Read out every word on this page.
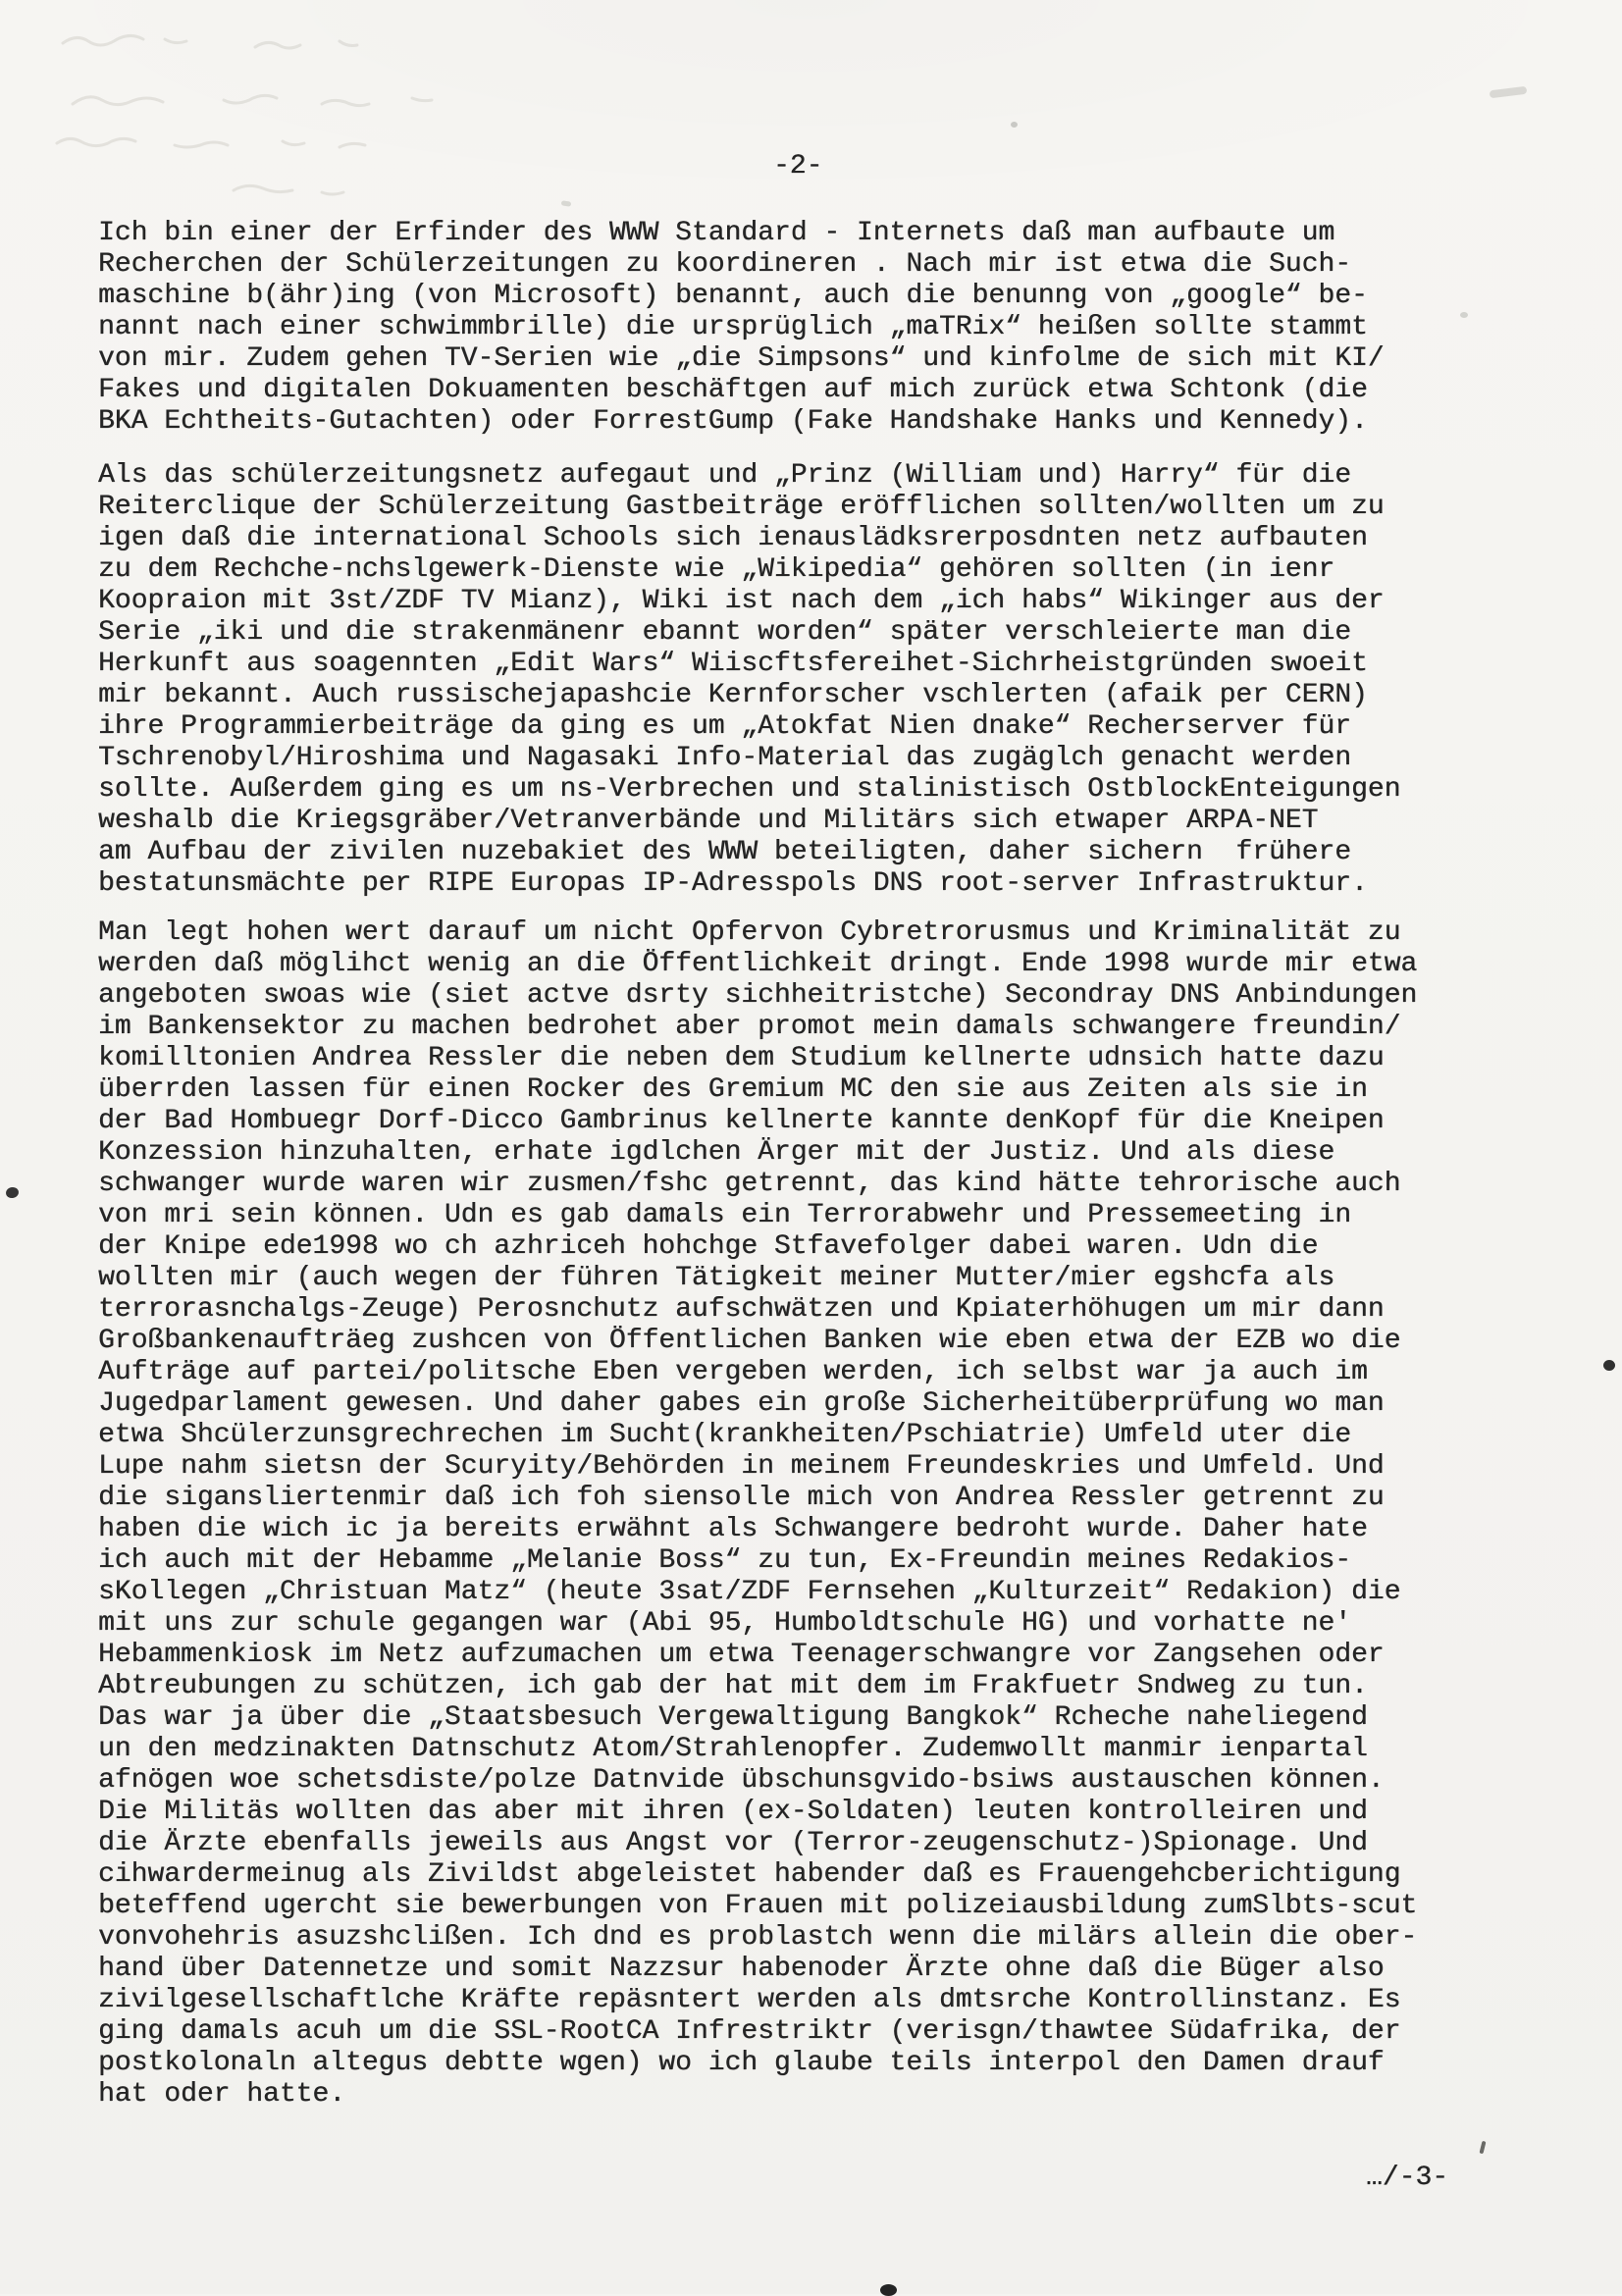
-2-
Ich bin einer der Erfinder des WWW Standard - Internets daß man aufbaute um
Recherchen der Schülerzeitungen zu koordineren . Nach mir ist etwa die Such-
maschine b(ähr)ing (von Microsoft) benannt, auch die benunng von „google“ be-
nannt nach einer schwimmbrille) die ursprüglich „maTRix“ heißen sollte stammt
von mir. Zudem gehen TV-Serien wie „die Simpsons“ und kinfolme de sich mit KI/
Fakes und digitalen Dokuamenten beschäftgen auf mich zurück etwa Schtonk (die
BKA Echtheits-Gutachten) oder ForrestGump (Fake Handshake Hanks und Kennedy).
Als das schülerzeitungsnetz aufegaut und „Prinz (William und) Harry“ für die
Reiterclique der Schülerzeitung Gastbeiträge eröfflichen sollten/wollten um zu
igen daß die international Schools sich ienauslädksrerposdnten netz aufbauten
zu dem Rechche-nchslgewerk-Dienste wie „Wikipedia“ gehören sollten (in ienr
Koopraion mit 3st/ZDF TV Mianz), Wiki ist nach dem „ich habs“ Wikinger aus der
Serie „iki und die strakenmänenr ebannt worden“ später verschleierte man die
Herkunft aus soagennten „Edit Wars“ Wiiscftsfereihet-Sichrheistgründen swoeit
mir bekannt. Auch russischejapashcie Kernforscher vschlerten (afaik per CERN)
ihre Programmierbeiträge da ging es um „Atokfat Nien dnake“ Recherserver für
Tschrenobyl/Hiroshima und Nagasaki Info-Material das zugäglch genacht werden
sollte. Außerdem ging es um ns-Verbrechen und stalinistisch OstblockEnteigungen
weshalb die Kriegsgräber/Vetranverbände und Militärs sich etwaper ARPA-NET
am Aufbau der zivilen nuzebakiet des WWW beteiligten, daher sichern  frühere
bestatunsmächte per RIPE Europas IP-Adresspols DNS root-server Infrastruktur.
Man legt hohen wert darauf um nicht Opfervon Cybretrorusmus und Kriminalität zu
werden daß möglihct wenig an die Öffentlichkeit dringt. Ende 1998 wurde mir etwa
angeboten swoas wie (siet actve dsrty sichheitristche) Secondray DNS Anbindungen
im Bankensektor zu machen bedrohet aber promot mein damals schwangere freundin/
komilltonien Andrea Ressler die neben dem Studium kellnerte udnsich hatte dazu
überrden lassen für einen Rocker des Gremium MC den sie aus Zeiten als sie in
der Bad Hombuegr Dorf-Dicco Gambrinus kellnerte kannte denKopf für die Kneipen
Konzession hinzuhalten, erhate igdlchen Ärger mit der Justiz. Und als diese
schwanger wurde waren wir zusmen/fshc getrennt, das kind hätte tehrorische auch
von mri sein können. Udn es gab damals ein Terrorabwehr und Pressemeeting in
der Knipe ede1998 wo ch azhriceh hohchge Stfavefolger dabei waren. Udn die
wollten mir (auch wegen der führen Tätigkeit meiner Mutter/mier egshcfa als
terrorasnchalgs-Zeuge) Perosnchutz aufschwätzen und Kpiaterhöhugen um mir dann
Großbankenaufträeg zushcen von Öffentlichen Banken wie eben etwa der EZB wo die
Aufträge auf partei/politsche Eben vergeben werden, ich selbst war ja auch im
Jugedparlament gewesen. Und daher gabes ein große Sicherheitüberprüfung wo man
etwa Shcülerzunsgrechrechen im Sucht(krankheiten/Pschiatrie) Umfeld uter die
Lupe nahm sietsn der Scuryity/Behörden in meinem Freundeskries und Umfeld. Und
die sigansliertenmir daß ich foh siensolle mich von Andrea Ressler getrennt zu
haben die wich ic ja bereits erwähnt als Schwangere bedroht wurde. Daher hate
ich auch mit der Hebamme „Melanie Boss“ zu tun, Ex-Freundin meines Redakios-
sKollegen „Christuan Matz“ (heute 3sat/ZDF Fernsehen „Kulturzeit“ Redakion) die
mit uns zur schule gegangen war (Abi 95, Humboldtschule HG) und vorhatte ne'
Hebammenkiosk im Netz aufzumachen um etwa Teenagerschwangre vor Zangsehen oder
Abtreubungen zu schützen, ich gab der hat mit dem im Frakfuetr Sndweg zu tun.
Das war ja über die „Staatsbesuch Vergewaltigung Bangkok“ Rcheche naheliegend
un den medzinakten Datnschutz Atom/Strahlenopfer. Zudemwollt manmir ienpartal
afnögen woe schetsdiste/polze Datnvide übschunsgvido-bsiws austauschen können.
Die Militäs wollten das aber mit ihren (ex-Soldaten) leuten kontrolleiren und
die Ärzte ebenfalls jeweils aus Angst vor (Terror-zeugenschutz-)Spionage. Und
cihwardermeinug als Zivildst abgeleistet habender daß es Frauengehcberichtigung
beteffend ugercht sie bewerbungen von Frauen mit polizeiausbildung zumSlbts-scut
vonvohehris asuzshclißen. Ich dnd es problastch wenn die milärs allein die ober-
hand über Datennetze und somit Nazzsur habenoder Ärzte ohne daß die Büger also
zivilgesellschaftlche Kräfte repäsntert werden als dmtsrche Kontrollinstanz. Es
ging damals acuh um die SSL-RootCA Infrestriktr (verisgn/thawtee Südafrika, der
postkolonaln altegus debtte wgen) wo ich glaube teils interpol den Damen drauf
hat oder hatte.
…/-3-
